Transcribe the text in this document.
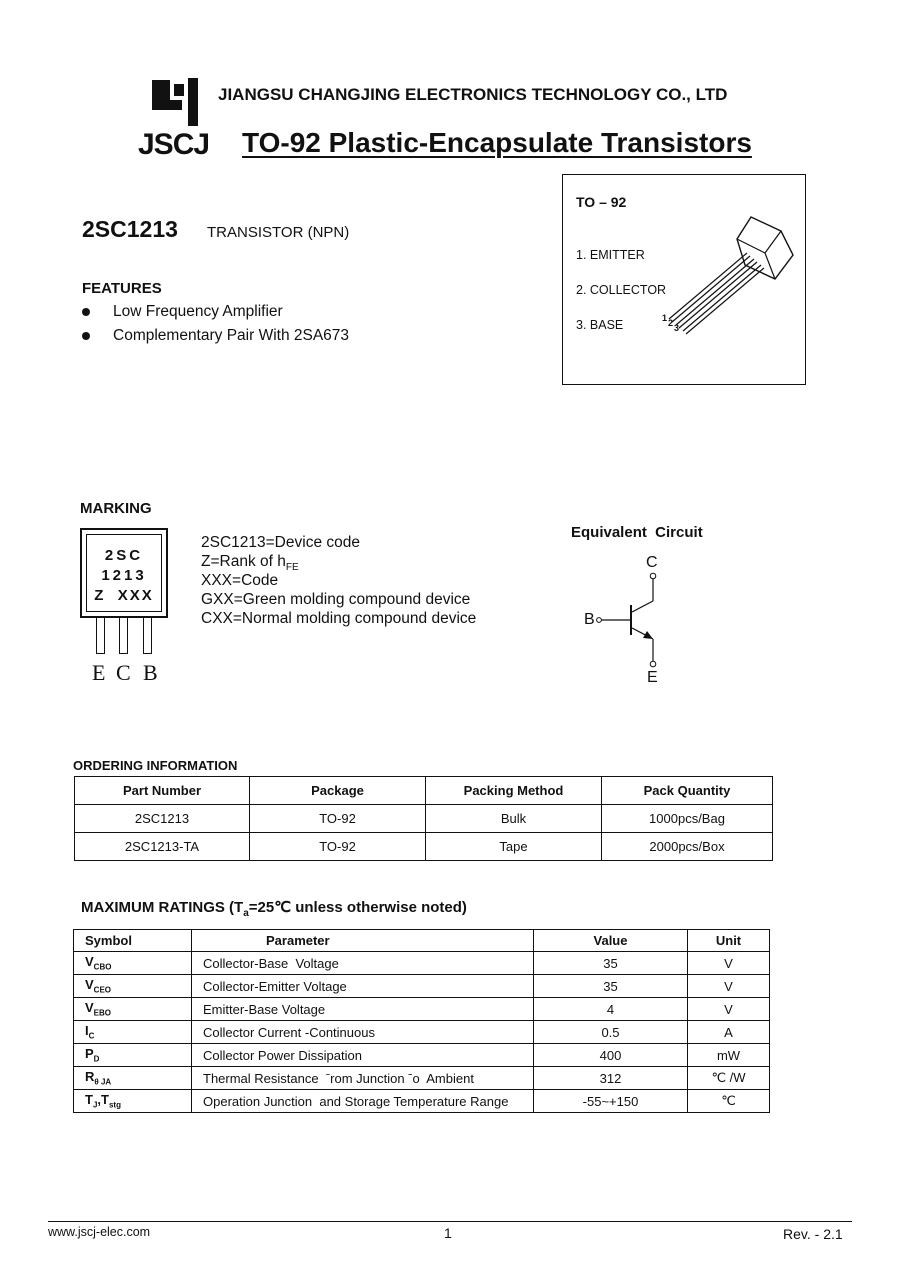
JSCJ
JIANGSU CHANGJING ELECTRONICS TECHNOLOGY CO., LTD
TO-92 Plastic-Encapsulate Transistors
TO – 92
1. EMITTER
2. COLLECTOR
3. BASE	1 2 3
2SC1213 TRANSISTOR (NPN)
FEATURES
Low Frequency Amplifier
Complementary Pair With 2SA673
MARKING
2SC
1213
Z  XXX
E C B
2SC1213=Device code
Z=Rank of $h_{FE}$
XXX=Code
GXX=Green molding compound device
CXX=Normal molding compound device
Equivalent  Circuit
C
B
E
ORDERING INFORMATION
Part Number	Package	Packing Method	Pack Quantity
2SC1213	TO-92	Bulk	1000pcs/Bag
2SC1213-TA	TO-92	Tape	2000pcs/Box
MAXIMUM RATINGS ($T_a=25℃$ unless otherwise noted)
Symbol	Parameter	Value	Unit
$V_{CBO}$	Collector-Base  Voltage	35	V
$V_{CEO}$	Collector-Emitter Voltage	35	V
$V_{EBO}$	Emitter-Base Voltage	4	V
$I_C$	Collector Current -Continuous	0.5	A
$P_D$	Collector Power Dissipation	400	mW
$R_{\theta JA}$	Thermal Resistance  ˉrom Junction ˉo  Ambient	312	℃ /W
$T_J,T_{stg}$	Operation Junction  and Storage Temperature Range	-55~+150	℃
www.jscj-elec.com	1	Rev. - 2.1
